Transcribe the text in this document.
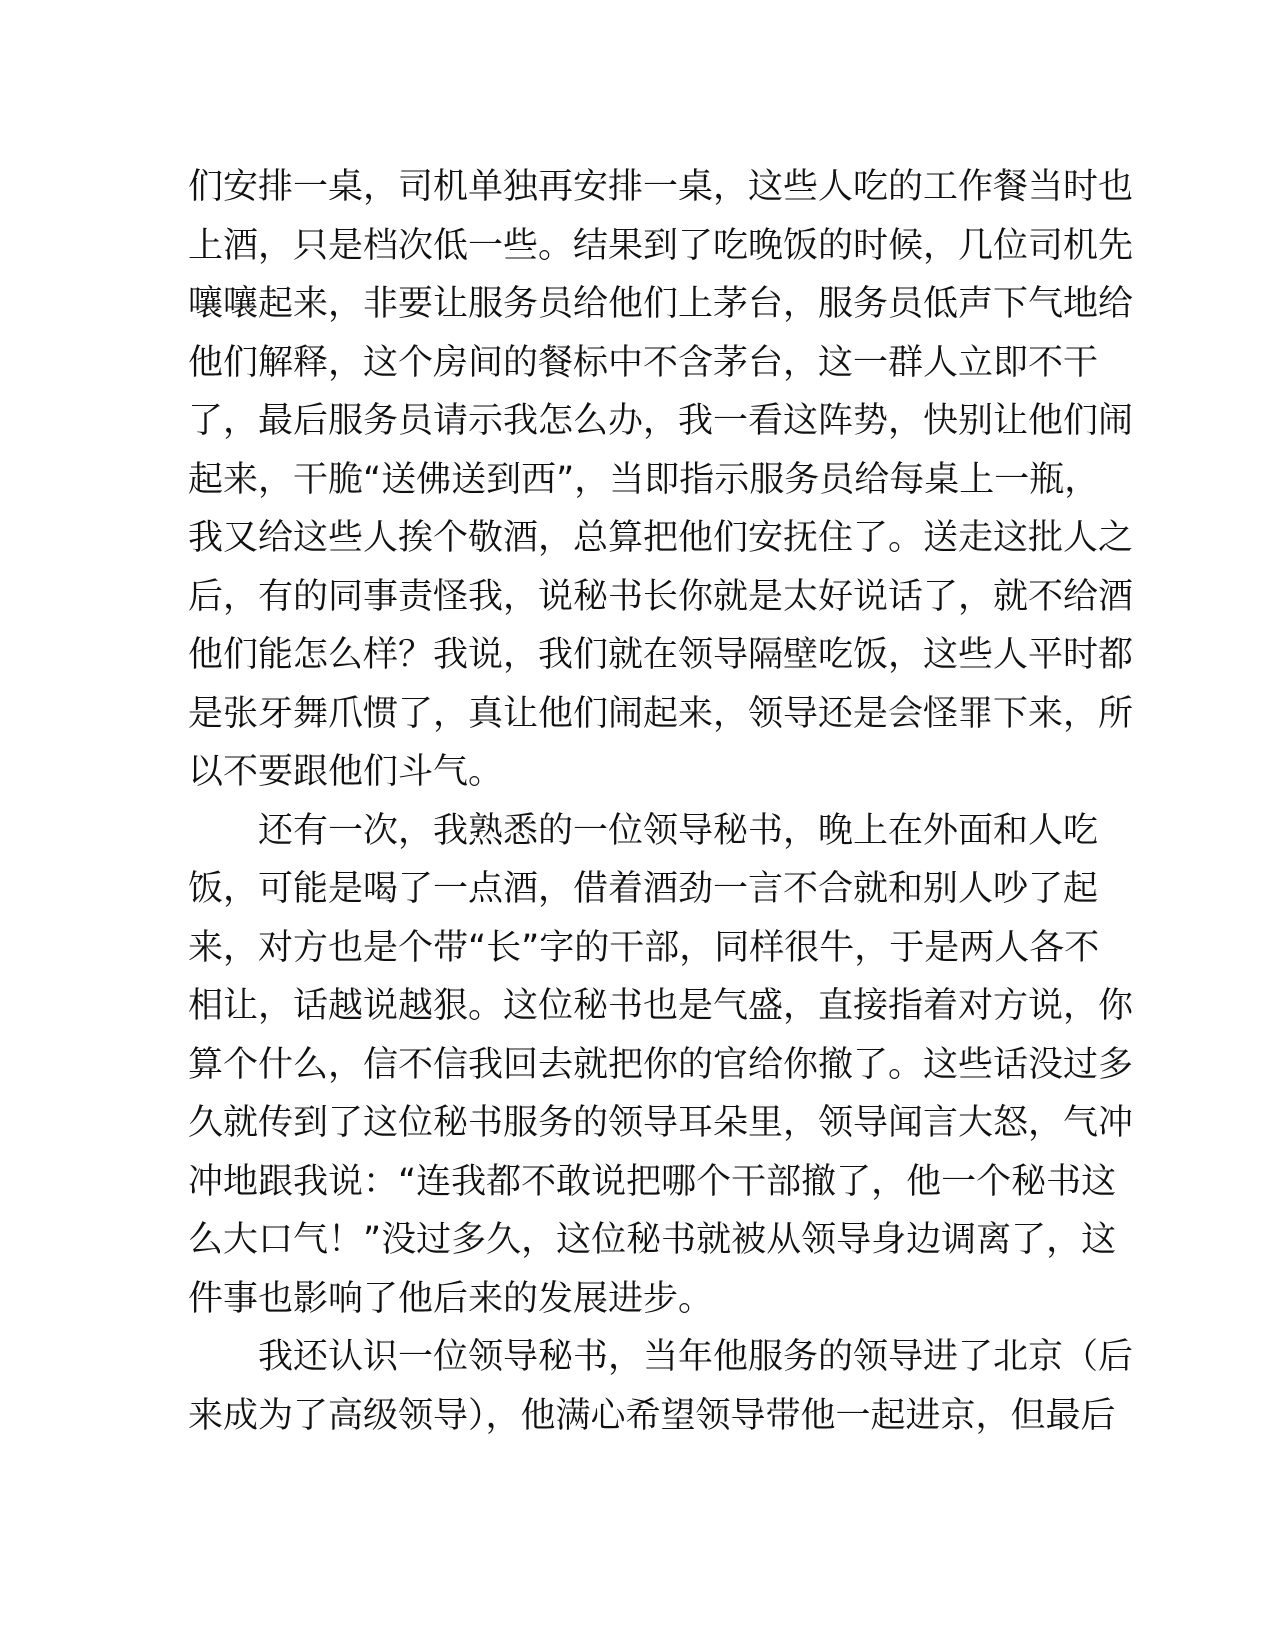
们安排一桌，司机单独再安排一桌，这些人吃的工作餐当时也
上酒，只是档次低一些。结果到了吃晚饭的时候，几位司机先
嚷嚷起来，非要让服务员给他们上茅台，服务员低声下气地给
他们解释，这个房间的餐标中不含茅台，这一群人立即不干
了，最后服务员请示我怎么办，我一看这阵势，快别让他们闹
起来，干脆“送佛送到西”，当即指示服务员给每桌上一瓶，
我又给这些人挨个敬酒，总算把他们安抚住了。送走这批人之
后，有的同事责怪我，说秘书长你就是太好说话了，就不给酒
他们能怎么样？我说，我们就在领导隔壁吃饭，这些人平时都
是张牙舞爪惯了，真让他们闹起来，领导还是会怪罪下来，所
以不要跟他们斗气。
还有一次，我熟悉的一位领导秘书，晚上在外面和人吃
饭，可能是喝了一点酒，借着酒劲一言不合就和别人吵了起
来，对方也是个带“长”字的干部，同样很牛，于是两人各不
相让，话越说越狠。这位秘书也是气盛，直接指着对方说，你
算个什么，信不信我回去就把你的官给你撤了。这些话没过多
久就传到了这位秘书服务的领导耳朵里，领导闻言大怒，气冲
冲地跟我说：“连我都不敢说把哪个干部撤了，他一个秘书这
么大口气！”没过多久，这位秘书就被从领导身边调离了，这
件事也影响了他后来的发展进步。
我还认识一位领导秘书，当年他服务的领导进了北京（后
来成为了高级领导），他满心希望领导带他一起进京，但最后
